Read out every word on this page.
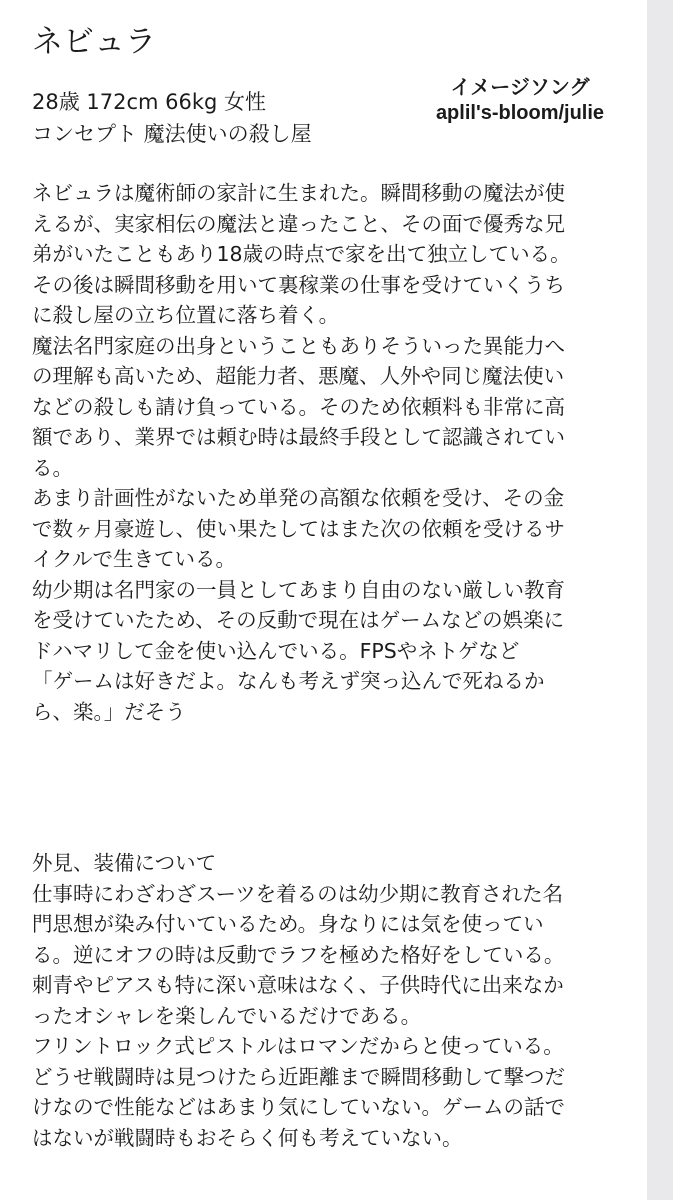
ネビュラ
28歳 172cm 66kg 女性
コンセプト 魔法使いの殺し屋
イメージソング
aplil's-bloom/julie
ネビュラは魔術師の家計に生まれた。瞬間移動の魔法が使
えるが、実家相伝の魔法と違ったこと、その面で優秀な兄
弟がいたこともあり18歳の時点で家を出て独立している。
その後は瞬間移動を用いて裏稼業の仕事を受けていくうち
に殺し屋の立ち位置に落ち着く。
魔法名門家庭の出身ということもありそういった異能力へ
の理解も高いため、超能力者、悪魔、人外や同じ魔法使い
などの殺しも請け負っている。そのため依頼料も非常に高
額であり、業界では頼む時は最終手段として認識されてい
る。
あまり計画性がないため単発の高額な依頼を受け、その金
で数ヶ月豪遊し、使い果たしてはまた次の依頼を受けるサ
イクルで生きている。
幼少期は名門家の一員としてあまり自由のない厳しい教育
を受けていたため、その反動で現在はゲームなどの娯楽に
ドハマリして金を使い込んでいる。FPSやネトゲなど
「ゲームは好きだよ。なんも考えず突っ込んで死ねるか
ら、楽。」だそう
外見、装備について
仕事時にわざわざスーツを着るのは幼少期に教育された名
門思想が染み付いているため。身なりには気を使ってい
る。逆にオフの時は反動でラフを極めた格好をしている。
刺青やピアスも特に深い意味はなく、子供時代に出来なか
ったオシャレを楽しんでいるだけである。
フリントロック式ピストルはロマンだからと使っている。
どうせ戦闘時は見つけたら近距離まで瞬間移動して撃つだ
けなので性能などはあまり気にしていない。ゲームの話で
はないが戦闘時もおそらく何も考えていない。
